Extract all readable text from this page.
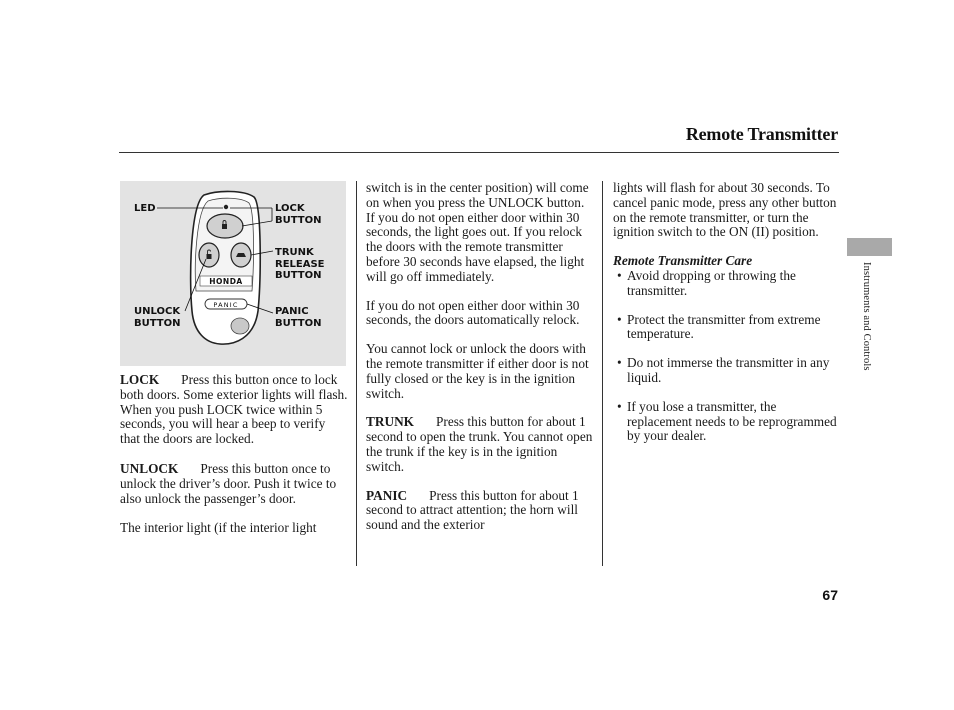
Remote Transmitter
Instruments and Controls
HONDA
PANIC
LED	LOCK
BUTTON
TRUNK
RELEASE
BUTTON
UNLOCK
BUTTON
PANIC
BUTTON

LOCK Press this button once to lock both doors. Some exterior lights will flash. When you push LOCK twice within 5 seconds, you will hear a beep to verify that the doors are locked.

UNLOCK Press this button once to unlock the driver’s door. Push it twice to also unlock the passenger’s door.

The interior light (if the interior light

switch is in the center position) will come on when you press the UNLOCK button. If you do not open either door within 30 seconds, the light goes out. If you relock the doors with the remote transmitter before 30 seconds have elapsed, the light will go off immediately.

If you do not open either door within 30 seconds, the doors automatically relock.

You cannot lock or unlock the doors with the remote transmitter if either door is not fully closed or the key is in the ignition switch.

TRUNK Press this button for about 1 second to open the trunk. You cannot open the trunk if the key is in the ignition switch.

PANIC Press this button for about 1 second to attract attention; the horn will sound and the exterior

lights will flash for about 30 seconds. To cancel panic mode, press any other button on the remote transmitter, or turn the ignition switch to the ON (II) position.

Remote Transmitter Care

• Avoid dropping or throwing the transmitter.

• Protect the transmitter from extreme temperature.

• Do not immerse the transmitter in any liquid.

• If you lose a transmitter, the replacement needs to be reprogrammed by your dealer.

67
